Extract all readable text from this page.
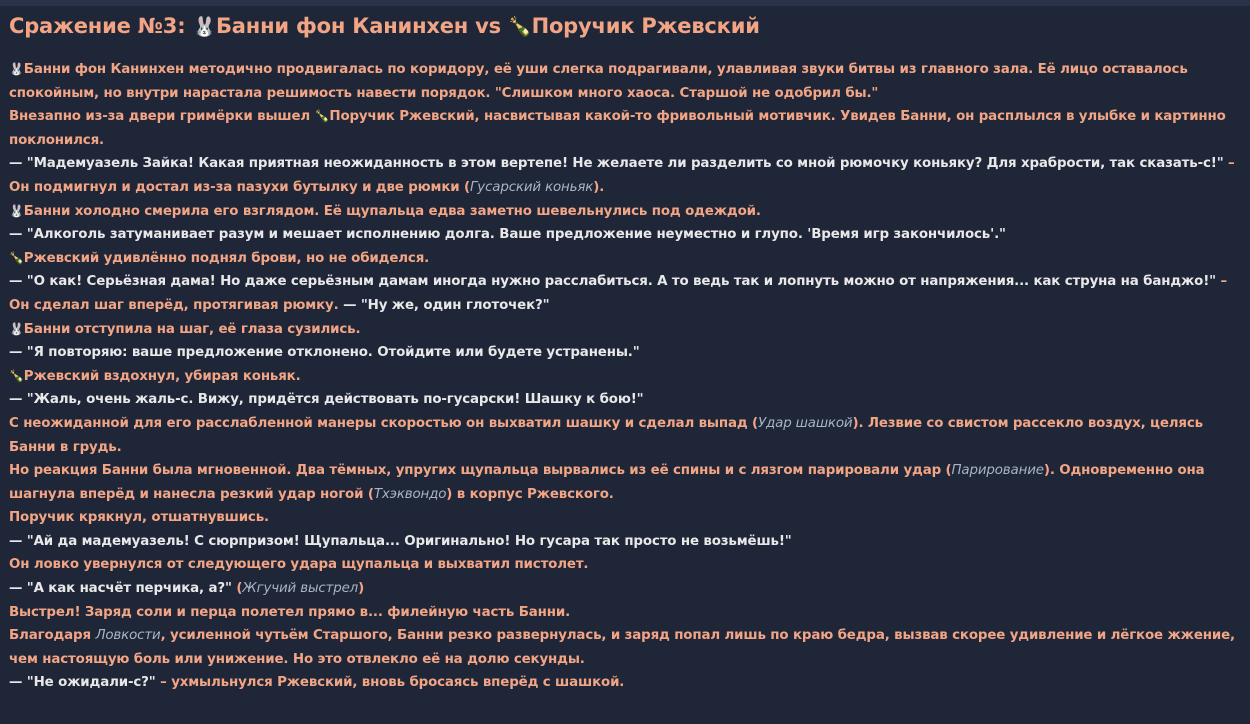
Сражение №3: 🐰Банни фон Канинхен vs 🍾Поручик Ржевский

🐰Банни фон Канинхен методично продвигалась по коридору, её уши слегка подрагивали, улавливая звуки битвы из главного зала. Её лицо оставалось спокойным, но внутри нарастала решимость навести порядок. "Слишком много хаоса. Старшой не одобрил бы."

Внезапно из-за двери гримёрки вышел 🍾Поручик Ржевский, насвистывая какой-то фривольный мотивчик. Увидев Банни, он расплылся в улыбке и картинно поклонился.

— "Мадемуазель Зайка! Какая приятная неожиданность в этом вертепе! Не желаете ли разделить со мной рюмочку коньяку? Для храбрости, так сказать-с!" – Он подмигнул и достал из-за пазухи бутылку и две рюмки (Гусарский коньяк).

🐰Банни холодно смерила его взглядом. Её щупальца едва заметно шевельнулись под одеждой.

— "Алкоголь затуманивает разум и мешает исполнению долга. Ваше предложение неуместно и глупо. 'Время игр закончилось'."

🍾Ржевский удивлённо поднял брови, но не обиделся.

— "О как! Серьёзная дама! Но даже серьёзным дамам иногда нужно расслабиться. А то ведь так и лопнуть можно от напряжения... как струна на банджо!" – Он сделал шаг вперёд, протягивая рюмку. — "Ну же, один глоточек?"

🐰Банни отступила на шаг, её глаза сузились.

— "Я повторяю: ваше предложение отклонено. Отойдите или будете устранены."

🍾Ржевский вздохнул, убирая коньяк.

— "Жаль, очень жаль-с. Вижу, придётся действовать по-гусарски! Шашку к бою!"

С неожиданной для его расслабленной манеры скоростью он выхватил шашку и сделал выпад (Удар шашкой). Лезвие со свистом рассекло воздух, целясь Банни в грудь.

Но реакция Банни была мгновенной. Два тёмных, упругих щупальца вырвались из её спины и с лязгом парировали удар (Парирование). Одновременно она шагнула вперёд и нанесла резкий удар ногой (Тхэквондо) в корпус Ржевского.

Поручик крякнул, отшатнувшись.

— "Ай да мадемуазель! С сюрпризом! Щупальца... Оригинально! Но гусара так просто не возьмёшь!"

Он ловко увернулся от следующего удара щупальца и выхватил пистолет.

— "А как насчёт перчика, а?" (Жгучий выстрел)

Выстрел! Заряд соли и перца полетел прямо в... филейную часть Банни.

Благодаря Ловкости, усиленной чутьём Старшого, Банни резко развернулась, и заряд попал лишь по краю бедра, вызвав скорее удивление и лёгкое жжение, чем настоящую боль или унижение. Но это отвлекло её на долю секунды.

— "Не ожидали-с?" – ухмыльнулся Ржевский, вновь бросаясь вперёд с шашкой.
